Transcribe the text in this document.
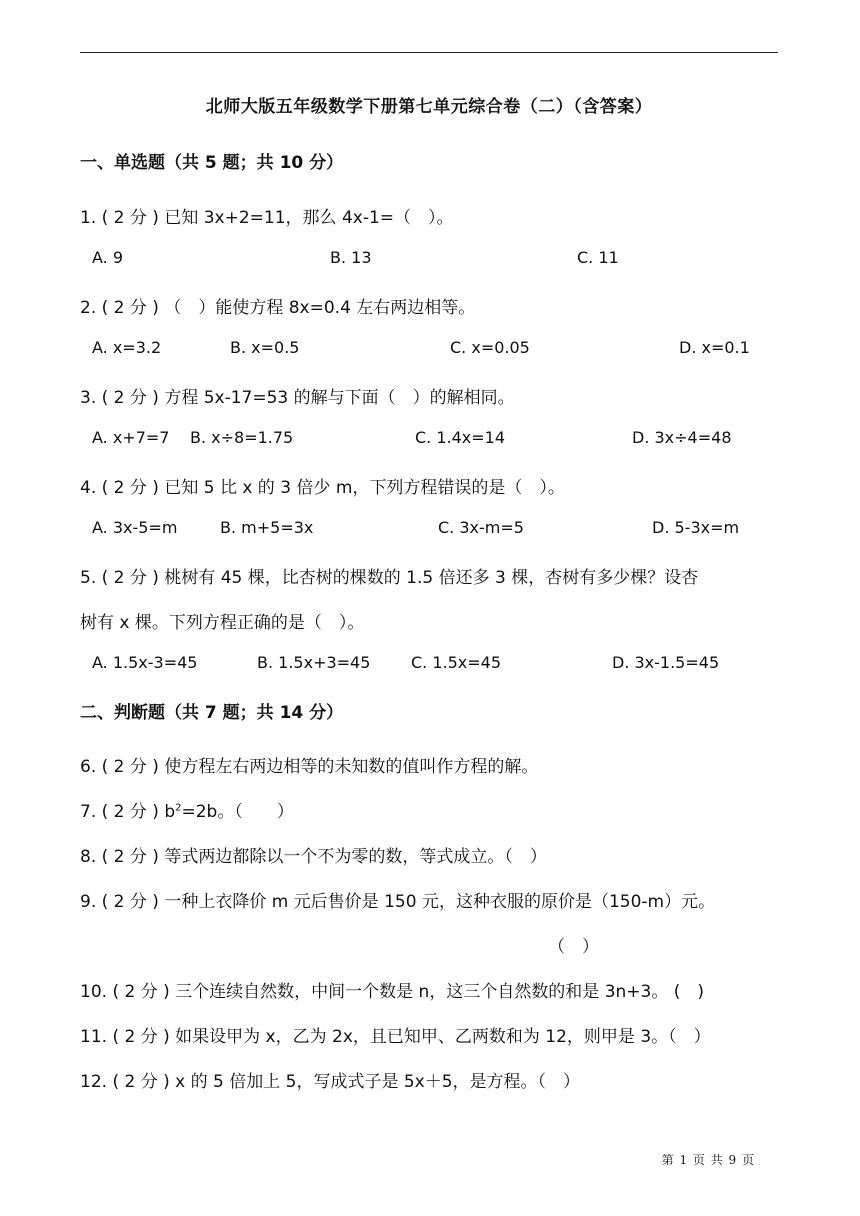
北师大版五年级数学下册第七单元综合卷（二）（含答案）
一、单选题（共 5 题；共 10 分）
1. ( 2 分 ) 已知 3x+2=11，那么 4x-1=（　）。
A. 9	B. 13	C. 11
2. ( 2 分 ) （　）能使方程 8x=0.4 左右两边相等。
A. x=3.2	B. x=0.5	C. x=0.05	D. x=0.1
3. ( 2 分 ) 方程 5x-17=53 的解与下面（　）的解相同。
A. x+7=7 B. x÷8=1.75	C. 1.4x=14	D. 3x÷4=48
4. ( 2 分 ) 已知 5 比 x 的 3 倍少 m，下列方程错误的是（　）。
A. 3x-5=m	B. m+5=3x	C. 3x-m=5	D. 5-3x=m
5. ( 2 分 ) 桃树有 45 棵，比杏树的棵数的 1.5 倍还多 3 棵，杏树有多少棵？设杏
树有 x 棵。下列方程正确的是（　）。
A. 1.5x-3=45	B. 1.5x+3=45	C. 1.5x=45	D. 3x-1.5=45
二、判断题（共 7 题；共 14 分）
6. ( 2 分 ) 使方程左右两边相等的未知数的值叫作方程的解。
7. ( 2 分 ) $b^2=2b$。（　　）
8. ( 2 分 ) 等式两边都除以一个不为零的数，等式成立。（　）
9. ( 2 分 ) 一种上衣降价 m 元后售价是 150 元，这种衣服的原价是（150-m）元。
（　）
10. ( 2 分 ) 三个连续自然数，中间一个数是 n，这三个自然数的和是 3n+3。 (　)
11. ( 2 分 ) 如果设甲为 x，乙为 2x，且已知甲、乙两数和为 12，则甲是 3。（　）
12. ( 2 分 ) x 的 5 倍加上 5，写成式子是 5x＋5，是方程。（　）
第 1 页 共 9 页
